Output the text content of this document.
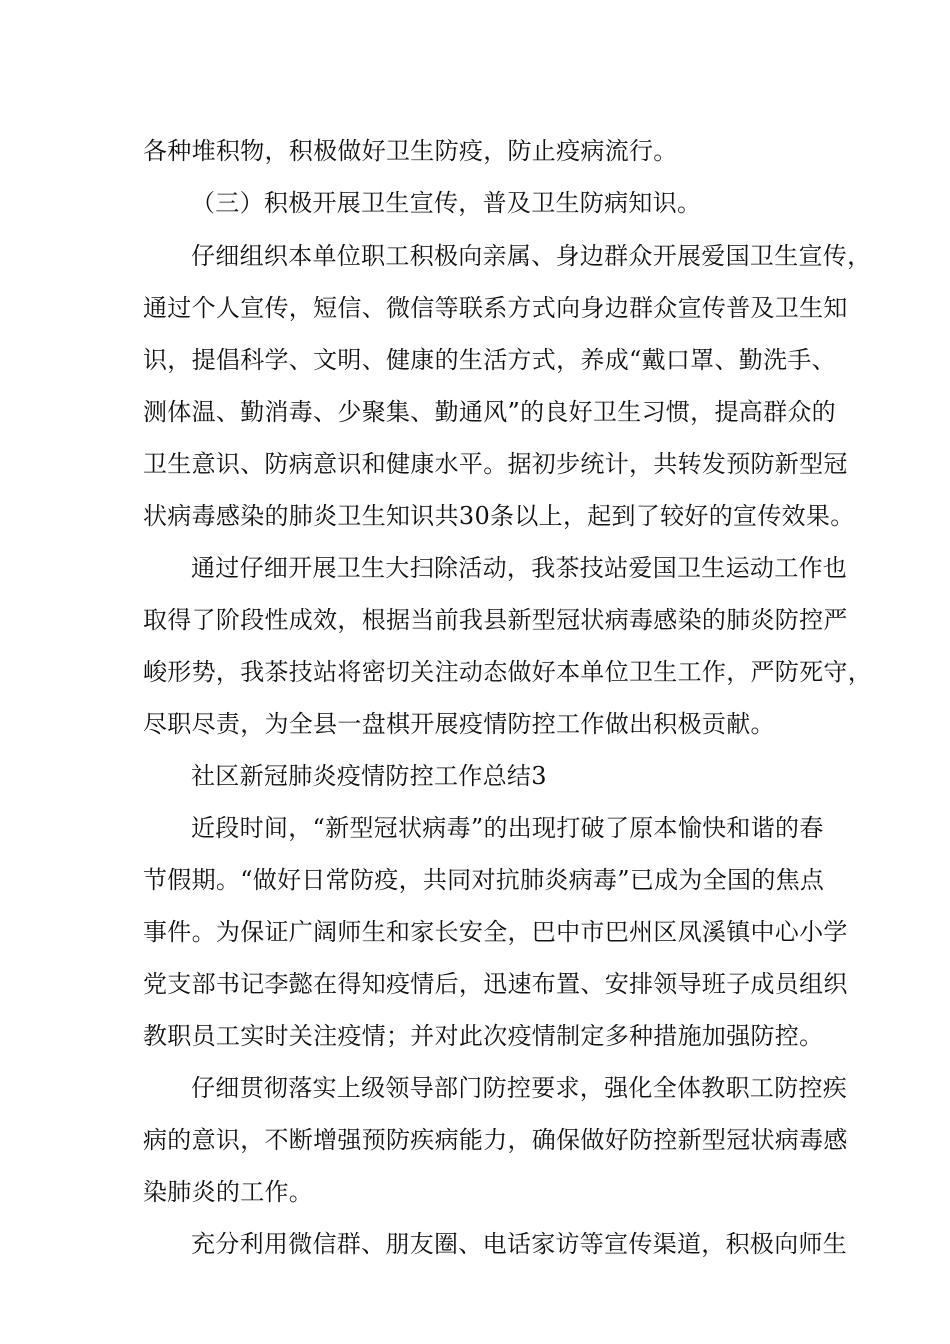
各种堆积物，积极做好卫生防疫，防止疫病流行。
（三）积极开展卫生宣传，普及卫生防病知识。
仔细组织本单位职工积极向亲属、身边群众开展爱国卫生宣传，
通过个人宣传，短信、微信等联系方式向身边群众宣传普及卫生知
识，提倡科学、文明、健康的生活方式，养成“戴口罩、勤洗手、
测体温、勤消毒、少聚集、勤通风”的良好卫生习惯，提高群众的
卫生意识、防病意识和健康水平。据初步统计，共转发预防新型冠
状病毒感染的肺炎卫生知识共30条以上，起到了较好的宣传效果。
通过仔细开展卫生大扫除活动，我茶技站爱国卫生运动工作也
取得了阶段性成效，根据当前我县新型冠状病毒感染的肺炎防控严
峻形势，我茶技站将密切关注动态做好本单位卫生工作，严防死守，
尽职尽责，为全县一盘棋开展疫情防控工作做出积极贡献。
社区新冠肺炎疫情防控工作总结3
近段时间，“新型冠状病毒”的出现打破了原本愉快和谐的春
节假期。“做好日常防疫，共同对抗肺炎病毒”已成为全国的焦点
事件。为保证广阔师生和家长安全，巴中市巴州区凤溪镇中心小学
党支部书记李懿在得知疫情后，迅速布置、安排领导班子成员组织
教职员工实时关注疫情；并对此次疫情制定多种措施加强防控。
仔细贯彻落实上级领导部门防控要求，强化全体教职工防控疾
病的意识，不断增强预防疾病能力，确保做好防控新型冠状病毒感
染肺炎的工作。
充分利用微信群、朋友圈、电话家访等宣传渠道，积极向师生
